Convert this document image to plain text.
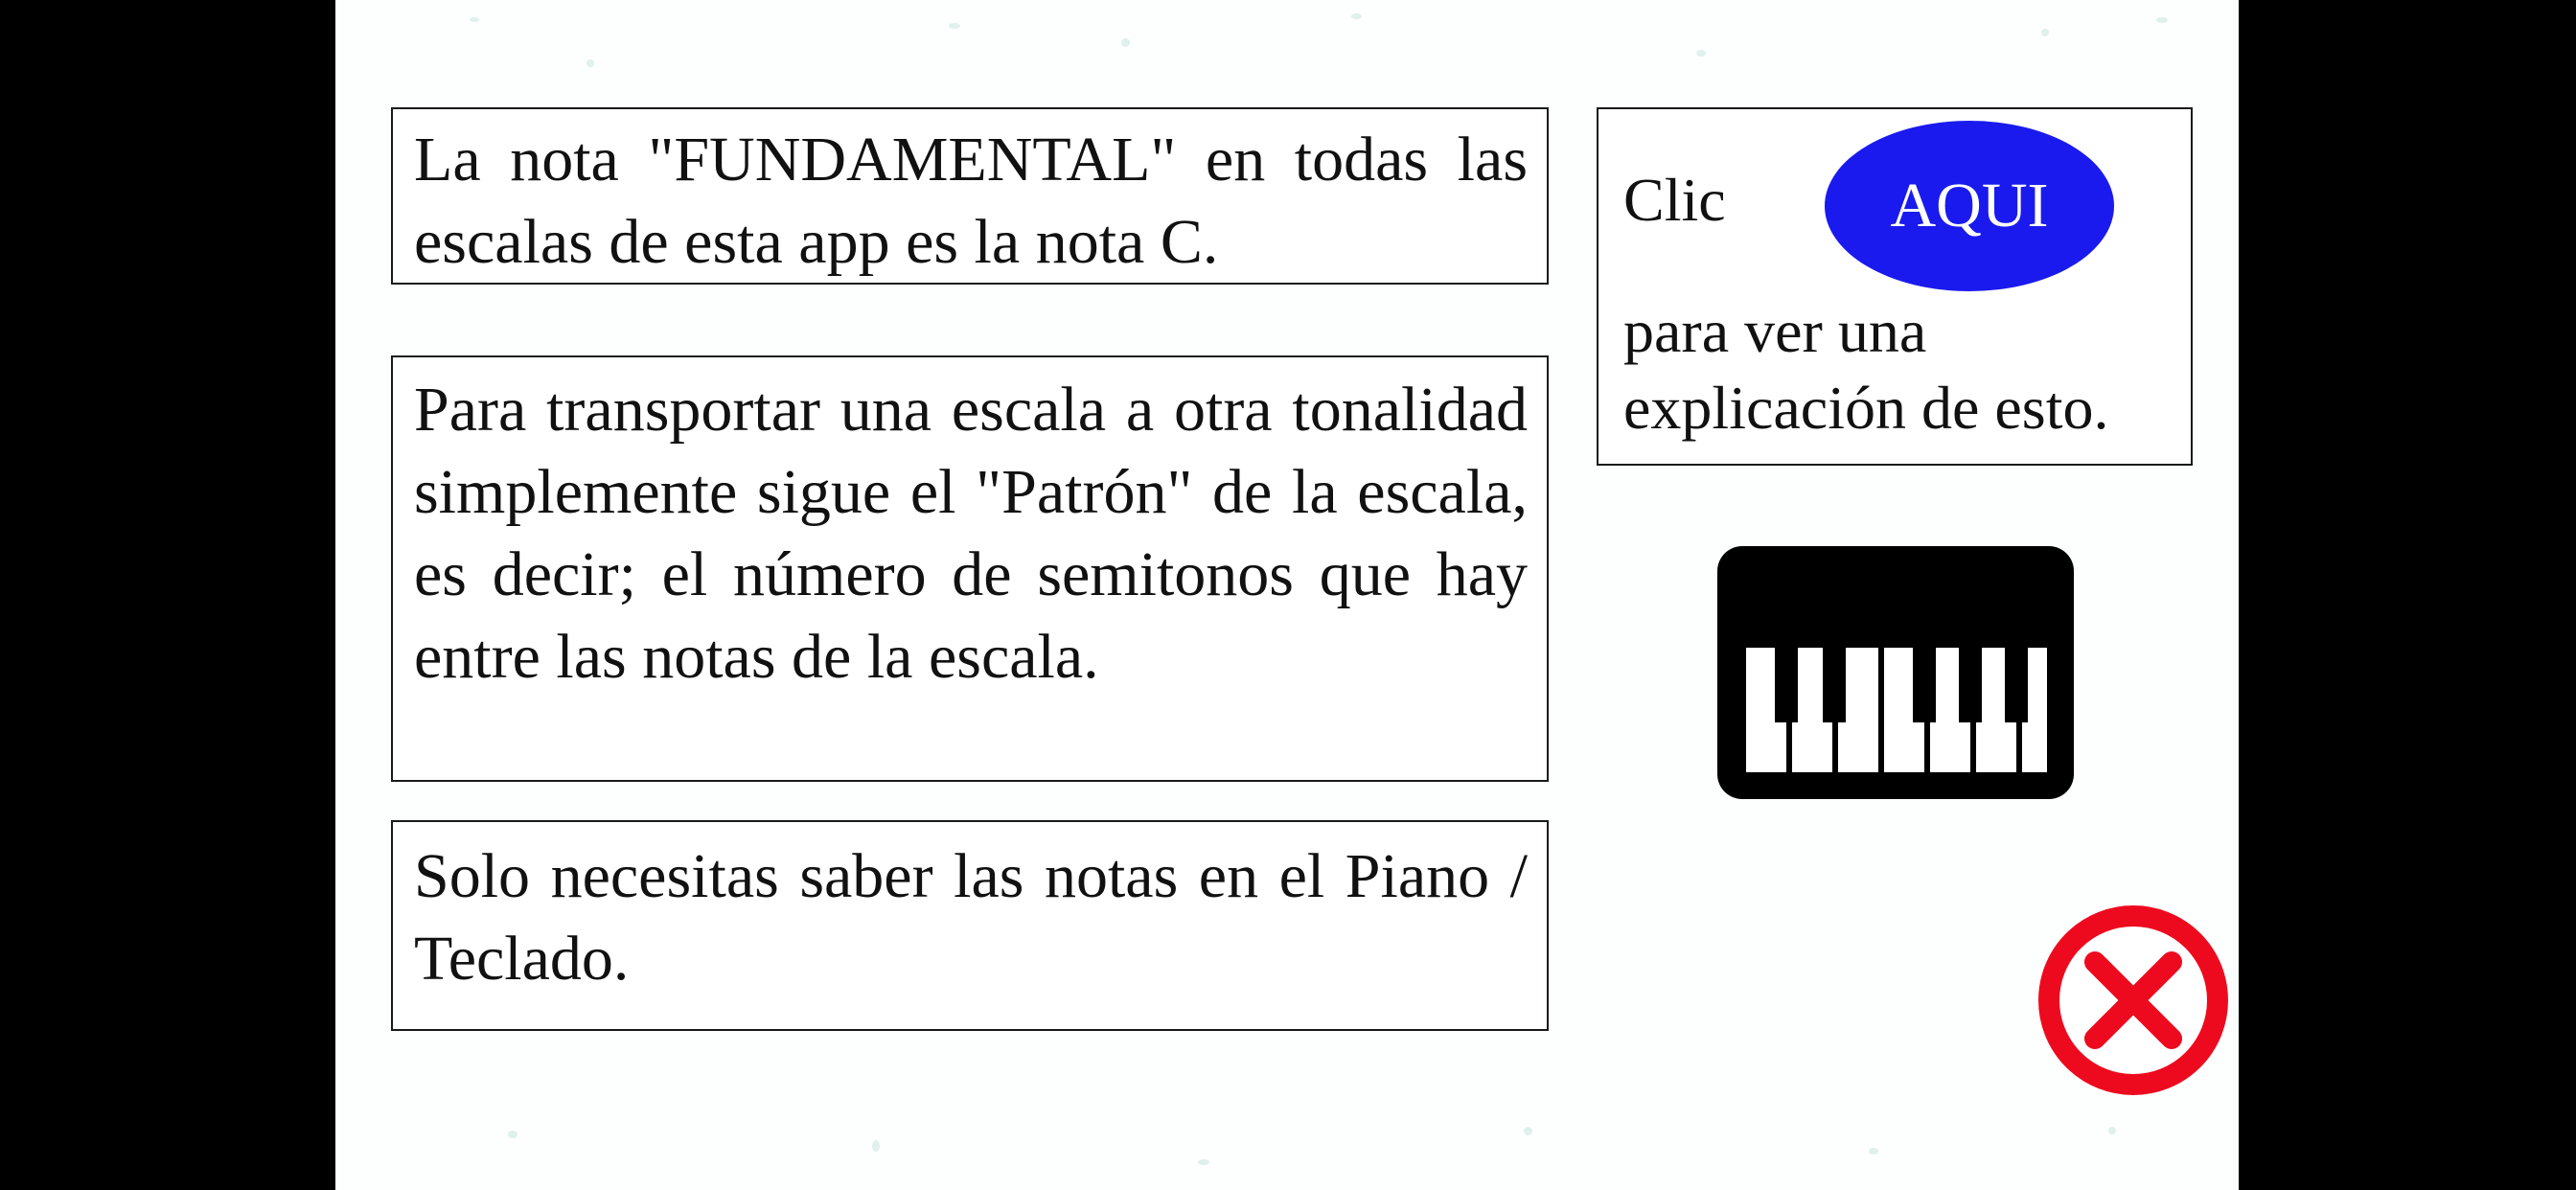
La nota "FUNDAMENTAL" en todas las escalas de esta app es la nota C.

Para transportar una escala a otra tonalidad simplemente sigue el "Patrón" de la escala, es decir; el número de semitonos que hay entre las notas de la escala.

Solo necesitas saber las notas en el Piano / Teclado.

Clic	AQUI

para ver una
explicación de esto.
